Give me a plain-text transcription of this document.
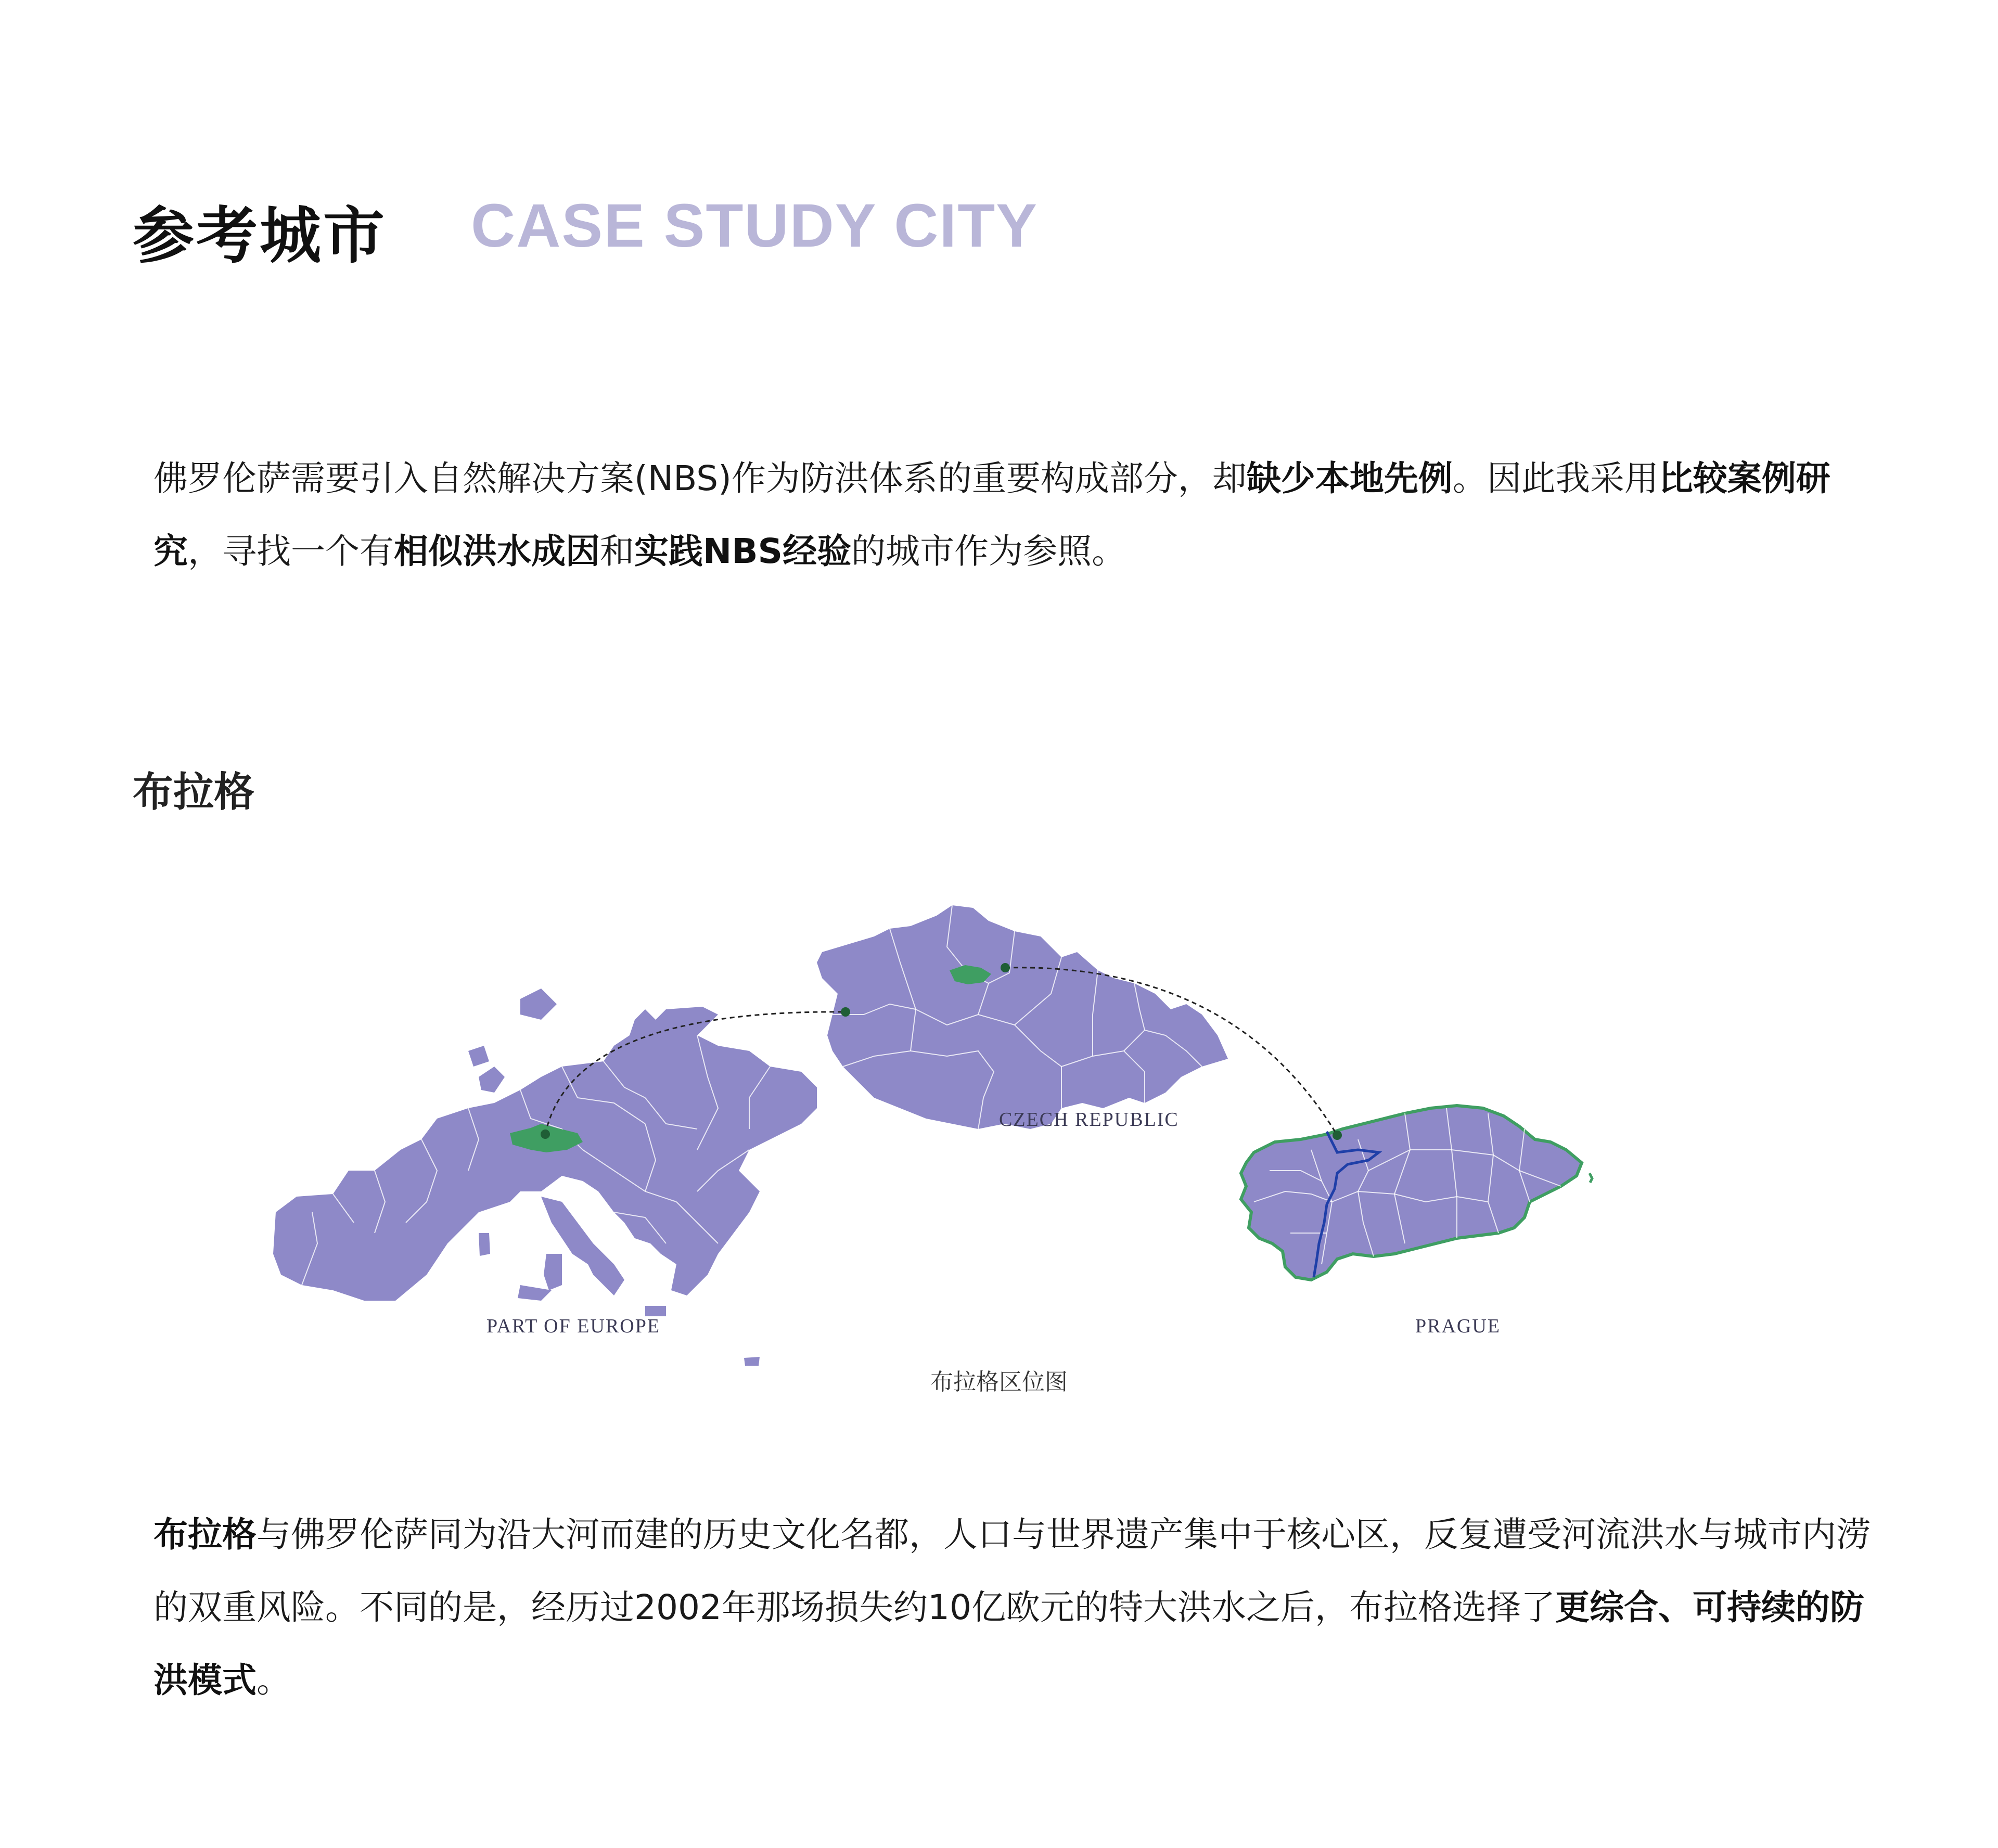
参考城市 CASE STUDY CITY
佛罗伦萨需要引入自然解决方案(NBS)作为防洪体系的重要构成部分，却缺少本地先例。因此我采用比较案例研究，寻找一个有相似洪水成因和实践NBS经验的城市作为参照。
布拉格
PART OF EUROPE
CZECH REPUBLIC
PRAGUE
布拉格区位图
布拉格与佛罗伦萨同为沿大河而建的历史文化名都，人口与世界遗产集中于核心区，反复遭受河流洪水与城市内涝的双重风险。不同的是，经历过2002年那场损失约10亿欧元的特大洪水之后，布拉格选择了更综合、可持续的防洪模式。
